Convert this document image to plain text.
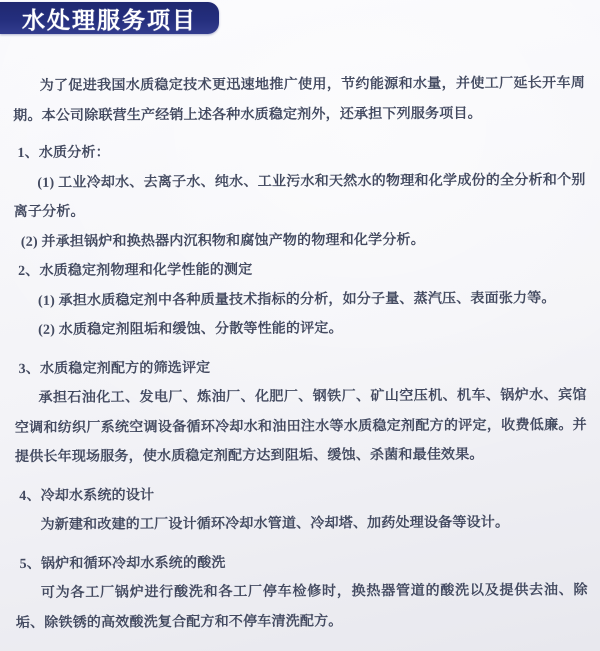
水处理服务项目

为了促进我国水质稳定技术更迅速地推广使用，节约能源和水量，并使工厂延长开车周期。本公司除联营生产经销上述各种水质稳定剂外，还承担下列服务项目。

1、水质分析：

(1) 工业冷却水、去离子水、纯水、工业污水和天然水的物理和化学成份的全分析和个别离子分析。

(2) 并承担锅炉和换热器内沉积物和腐蚀产物的物理和化学分析。

2、水质稳定剂物理和化学性能的测定

(1) 承担水质稳定剂中各种质量技术指标的分析，如分子量、蒸汽压、表面张力等。

(2) 水质稳定剂阻垢和缓蚀、分散等性能的评定。

3、水质稳定剂配方的筛选评定

承担石油化工、发电厂、炼油厂、化肥厂、钢铁厂、矿山空压机、机车、锅炉水、宾馆空调和纺织厂系统空调设备循环冷却水和油田注水等水质稳定剂配方的评定，收费低廉。并提供长年现场服务，使水质稳定剂配方达到阻垢、缓蚀、杀菌和最佳效果。

4、冷却水系统的设计

为新建和改建的工厂设计循环冷却水管道、冷却塔、加药处理设备等设计。

5、锅炉和循环冷却水系统的酸洗

可为各工厂锅炉进行酸洗和各工厂停车检修时，换热器管道的酸洗以及提供去油、除垢、除铁锈的高效酸洗复合配方和不停车清洗配方。
